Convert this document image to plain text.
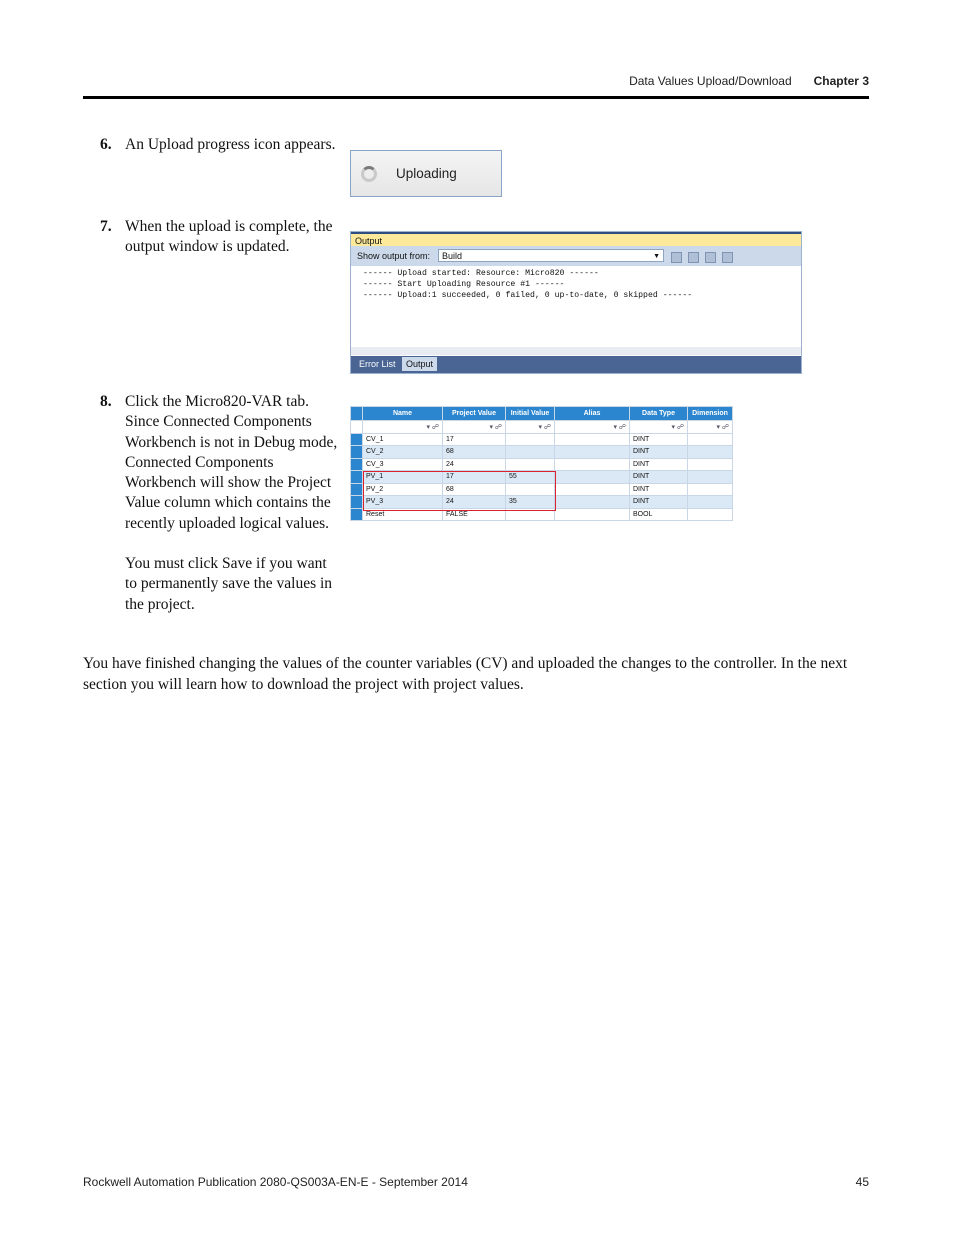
Data Values Upload/Download Chapter 3
6. An Upload progress icon appears.
Uploading
7. When the upload is complete, the output window is updated.	Output
Show output from:	Build	▼
------ Upload started: Resource: Micro820 ------
------ Start Uploading Resource #1 ------
------ Upload:1 succeeded, 0 failed, 0 up-to-date, 0 skipped ------
Error List Output
8. Click the Micro820-VAR tab. Since Connected Components Workbench is not in Debug mode, Connected Components Workbench will show the Project Value column which contains the recently uploaded logical values.
You must click Save if you want to permanently save the values in the project.
	Name	Project Value	Initial Value	Alias	Data Type	Dimension
	▾ ☍	▾ ☍	▾ ☍	▾ ☍	▾ ☍	▾ ☍
	CV_1	17			DINT	
	CV_2	68			DINT	
	CV_3	24			DINT	
	PV_1	17	55		DINT	
	PV_2	68			DINT	
	PV_3	24	35		DINT	
	Reset	FALSE			BOOL	
You have finished changing the values of the counter variables (CV) and uploaded the changes to the controller. In the next section you will learn how to download the project with project values.
Rockwell Automation Publication 2080-QS003A-EN-E - September 2014	45
